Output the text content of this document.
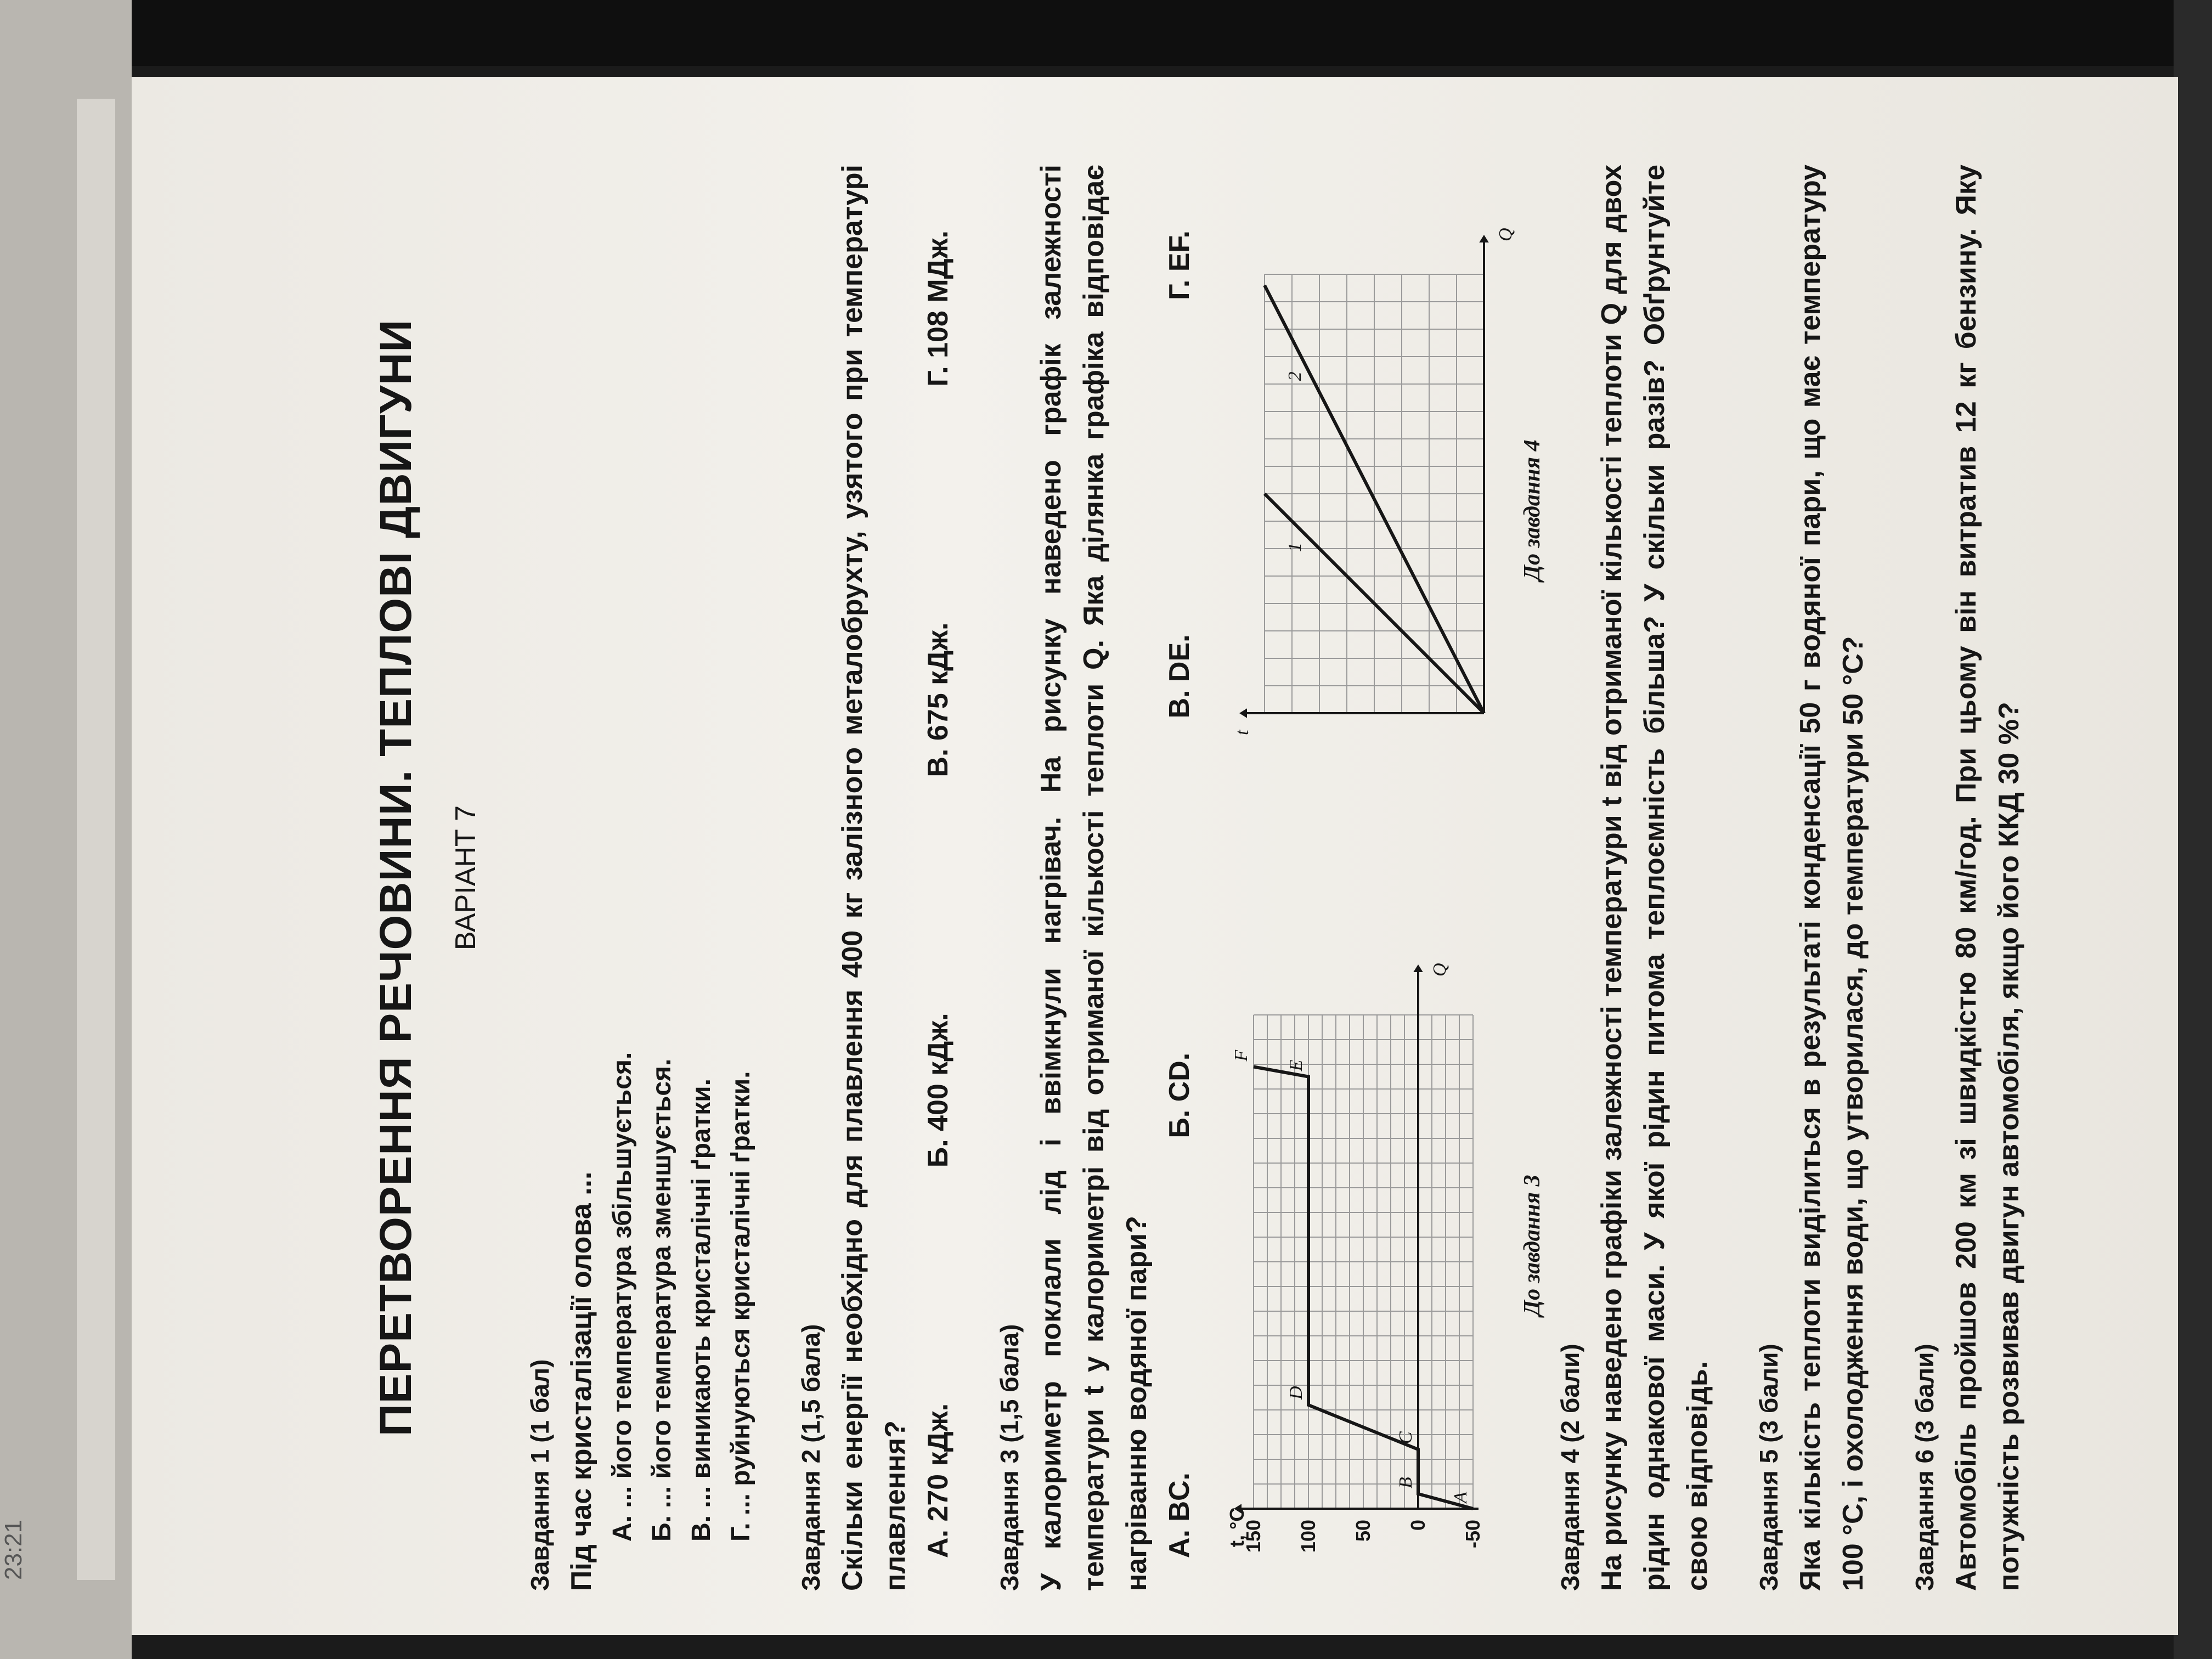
23:21
ПЕРЕТВОРЕННЯ РЕЧОВИНИ. ТЕПЛОВІ ДВИГУНИ ВАРІАНТ 7
Завдання 1 (1 бал) Під час кристалізації олова ... А. ... його температура збільшується. Б. ... його температура зменшується. В. ... виникають кристалічні ґратки. Г. ... руйнуються кристалічні ґратки. Завдання 2 (1,5 бала) Скільки енергії необхідно для плавлення 400 кг залізного металобрухту, узятого при температурі плавлення? А. 270 кДж.
Б. 400 кДж.
В. 675 кДж.
Г. 108 МДж.
Завдання 3 (1,5 бала) У калориметр поклали лід і ввімкнули нагрівач. На рисунку наведено графік залежності температури t у калориметрі від отриманої кількості теплоти Q. Яка ділянка графіка відповідає нагріванню водяної пари? А. BC.
Б. CD.
В. DE.
Г. EF.
Q
t, °C	-50
0
50
100
150
A
B
C
D
E
F
До завдання 3
t
Q
1
2
До завдання 4
Завдання 4 (2 бали) На рисунку наведено графіки залежності температури t від отриманої кількості теплоти Q для двох рідин однакової маси. У якої рідин питома теплоємність більша? У скільки разів? Обґрунтуйте свою відповідь. Завдання 5 (3 бали) Яка кількість теплоти виділиться в результаті конденсації 50 г водяної пари, що має температуру 100 °С, і охолодження води, що утворилася, до температури 50 °С? Завдання 6 (3 бали) Автомобіль пройшов 200 км зі швидкістю 80 км/год. При цьому він витратив 12 кг бензину. Яку потужність розвивав двигун автомобіля, якщо його ККД 30 %?
